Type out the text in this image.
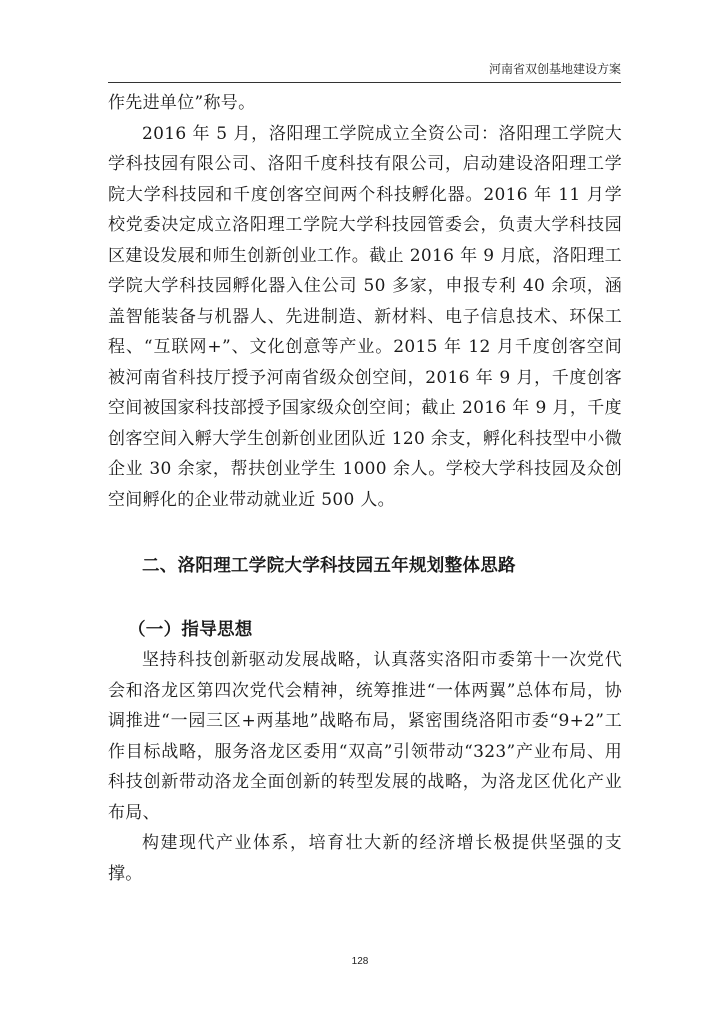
河南省双创基地建设方案

作先进单位”称号。

2016 年 5 月，洛阳理工学院成立全资公司：洛阳理工学院大学科技园有限公司、洛阳千度科技有限公司，启动建设洛阳理工学院大学科技园和千度创客空间两个科技孵化器。2016 年 11 月学校党委决定成立洛阳理工学院大学科技园管委会，负责大学科技园区建设发展和师生创新创业工作。截止 2016 年 9 月底，洛阳理工学院大学科技园孵化器入住公司 50 多家，申报专利 40 余项，涵盖智能装备与机器人、先进制造、新材料、电子信息技术、环保工程、“互联网+”、文化创意等产业。2015 年 12 月千度创客空间被河南省科技厅授予河南省级众创空间，2016 年 9 月，千度创客空间被国家科技部授予国家级众创空间；截止 2016 年 9 月，千度创客空间入孵大学生创新创业团队近 120 余支，孵化科技型中小微企业 30 余家，帮扶创业学生 1000 余人。学校大学科技园及众创空间孵化的企业带动就业近 500 人。

二、洛阳理工学院大学科技园五年规划整体思路
（一）指导思想

坚持科技创新驱动发展战略，认真落实洛阳市委第十一次党代会和洛龙区第四次党代会精神，统筹推进“一体两翼”总体布局，协调推进“一园三区+两基地”战略布局，紧密围绕洛阳市委“9+2”工作目标战略，服务洛龙区委用“双高”引领带动“323”产业布局、用科技创新带动洛龙全面创新的转型发展的战略，为洛龙区优化产业布局、

构建现代产业体系，培育壮大新的经济增长极提供坚强的支撑。

128
